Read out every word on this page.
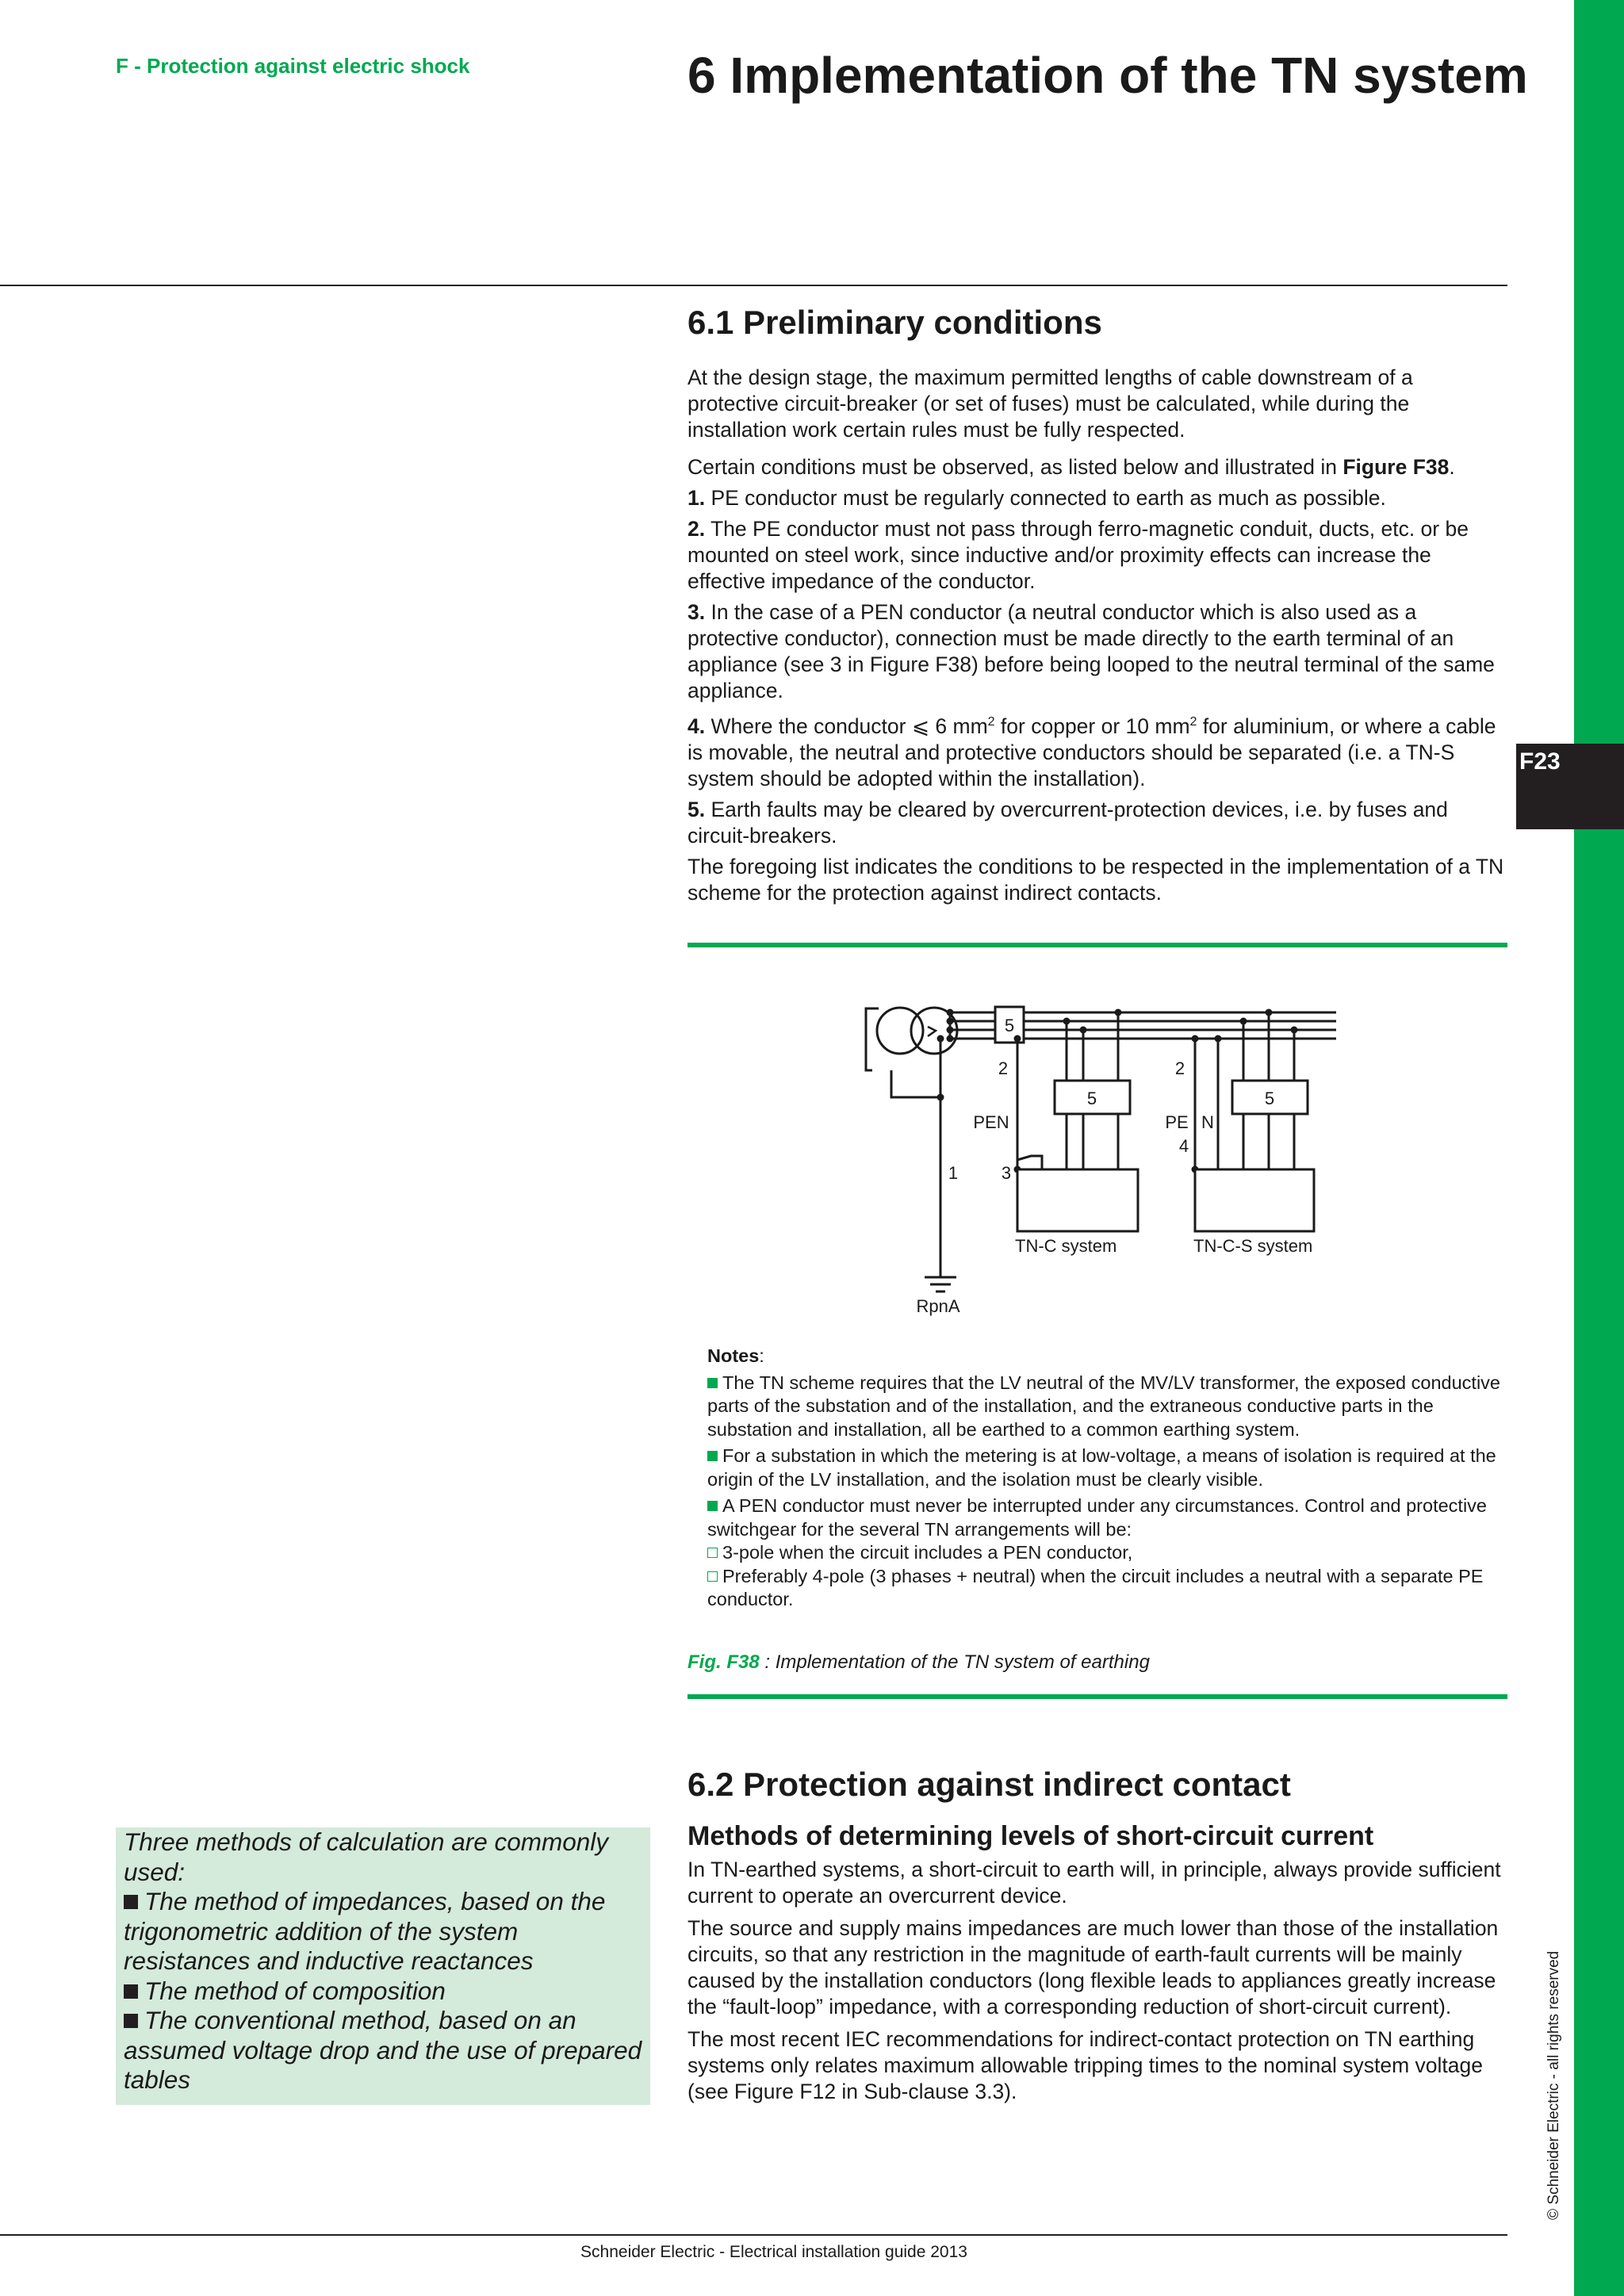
F23
© Schneider Electric - all rights reserved
F - Protection against electric shock	6 Implementation of the TN system
6.1 Preliminary conditions

At the design stage, the maximum permitted lengths of cable downstream of a protective circuit-breaker (or set of fuses) must be calculated, while during the installation work certain rules must be fully respected.

Certain conditions must be observed, as listed below and illustrated in Figure F38.

1. PE conductor must be regularly connected to earth as much as possible.

2. The PE conductor must not pass through ferro-magnetic conduit, ducts, etc. or be mounted on steel work, since inductive and/or proximity effects can increase the effective impedance of the conductor.

3. In the case of a PEN conductor (a neutral conductor which is also used as a protective conductor), connection must be made directly to the earth terminal of an appliance (see 3 in Figure F38) before being looped to the neutral terminal of the same appliance.

4. Where the conductor ⩽ 6 $mm^2$ for copper or 10 $mm^2$ for aluminium, or where a cable is movable, the neutral and protective conductors should be separated (i.e. a TN-S system should be adopted within the installation).

5. Earth faults may be cleared by overcurrent-protection devices, i.e. by fuses and circuit-breakers.

The foregoing list indicates the conditions to be respected in the implementation of a TN scheme for the protection against indirect contacts.

5
5
2
PEN
1 3
TN-C system
5
2
PE N
4
TN-C-S system
RpnA

Notes:

The TN scheme requires that the LV neutral of the MV/LV transformer, the exposed conductive parts of the substation and of the installation, and the extraneous conductive parts in the substation and installation, all be earthed to a common earthing system.

For a substation in which the metering is at low-voltage, a means of isolation is required at the origin of the LV installation, and the isolation must be clearly visible.

A PEN conductor must never be interrupted under any circumstances. Control and protective switchgear for the several TN arrangements will be:

3-pole when the circuit includes a PEN conductor,

Preferably 4-pole (3 phases + neutral) when the circuit includes a neutral with a separate PE conductor.

Fig. F38 : Implementation of the TN system of earthing
6.2 Protection against indirect contact
Methods of determining levels of short-circuit current

In TN-earthed systems, a short-circuit to earth will, in principle, always provide sufficient current to operate an overcurrent device.

The source and supply mains impedances are much lower than those of the installation circuits, so that any restriction in the magnitude of earth-fault currents will be mainly caused by the installation conductors (long flexible leads to appliances greatly increase the “fault-loop” impedance, with a corresponding reduction of short-circuit current).

The most recent IEC recommendations for indirect-contact protection on TN earthing systems only relates maximum allowable tripping times to the nominal system voltage (see Figure F12 in Sub-clause 3.3).

Three methods of calculation are commonly used:
The method of impedances, based on the trigonometric addition of the system resistances and inductive reactances
The method of composition
The conventional method, based on an assumed voltage drop and the use of prepared tables
Schneider Electric - Electrical installation guide 2013
